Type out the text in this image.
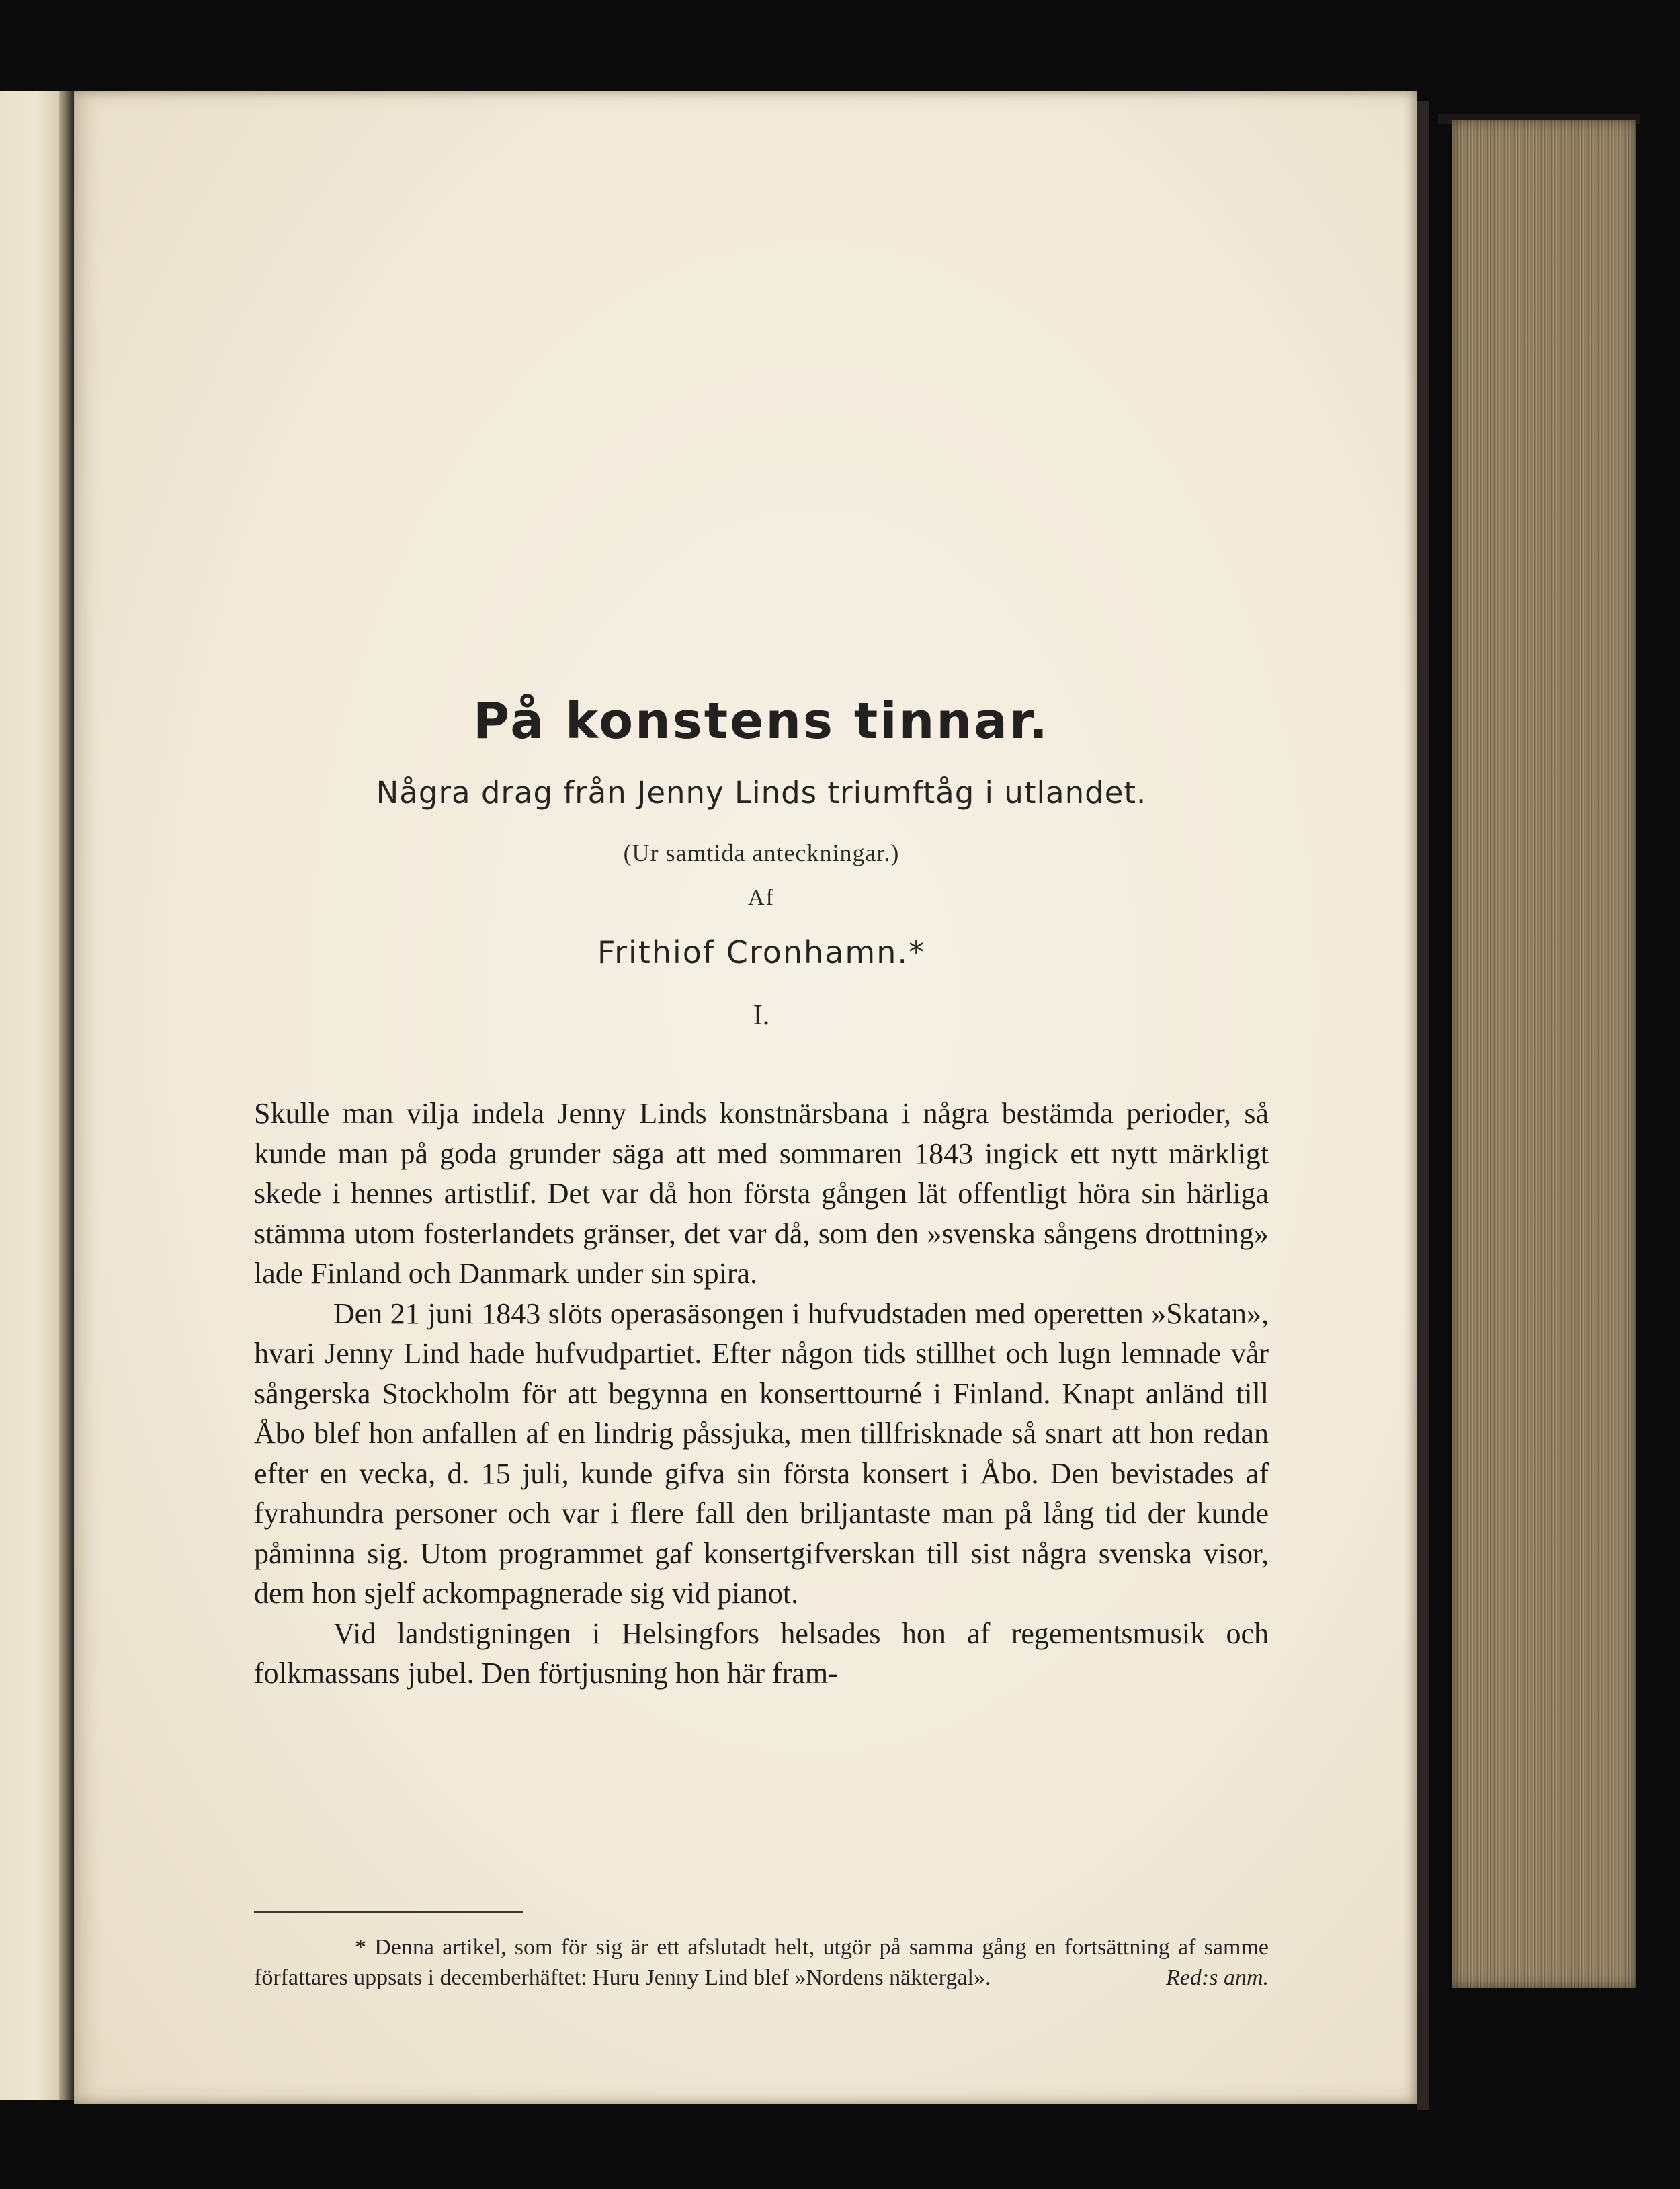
På konstens tinnar.
Några drag från Jenny Linds triumftåg i utlandet.
(Ur samtida anteckningar.)
Af
Frithiof Cronhamn.*
I.

Skulle man vilja indela Jenny Linds konstnärsbana i några bestämda perioder, så kunde man på goda grunder säga att med sommaren 1843 ingick ett nytt märkligt skede i hennes artistlif. Det var då hon första gången lät offentligt höra sin härliga stämma utom fosterlandets gränser, det var då, som den »svenska sångens drottning» lade Finland och Danmark under sin spira.

Den 21 juni 1843 slöts operasäsongen i hufvudstaden med operetten »Skatan», hvari Jenny Lind hade hufvudpartiet. Efter någon tids stillhet och lugn lemnade vår sångerska Stockholm för att begynna en konserttourné i Finland. Knapt anländ till Åbo blef hon anfallen af en lindrig påssjuka, men tillfrisknade så snart att hon redan efter en vecka, d. 15 juli, kunde gifva sin första konsert i Åbo. Den bevistades af fyrahundra personer och var i flere fall den briljantaste man på lång tid der kunde påminna sig. Utom programmet gaf konsertgifverskan till sist några svenska visor, dem hon sjelf ackompagnerade sig vid pianot.

Vid landstigningen i Helsingfors helsades hon af regementsmusik och folkmassans jubel. Den förtjusning hon här fram-

* Denna artikel, som för sig är ett afslutadt helt, utgör på samma gång en fortsättning af samme författares uppsats i decemberhäftet: Huru Jenny Lind blef »Nordens näktergal».	Red:s anm.
